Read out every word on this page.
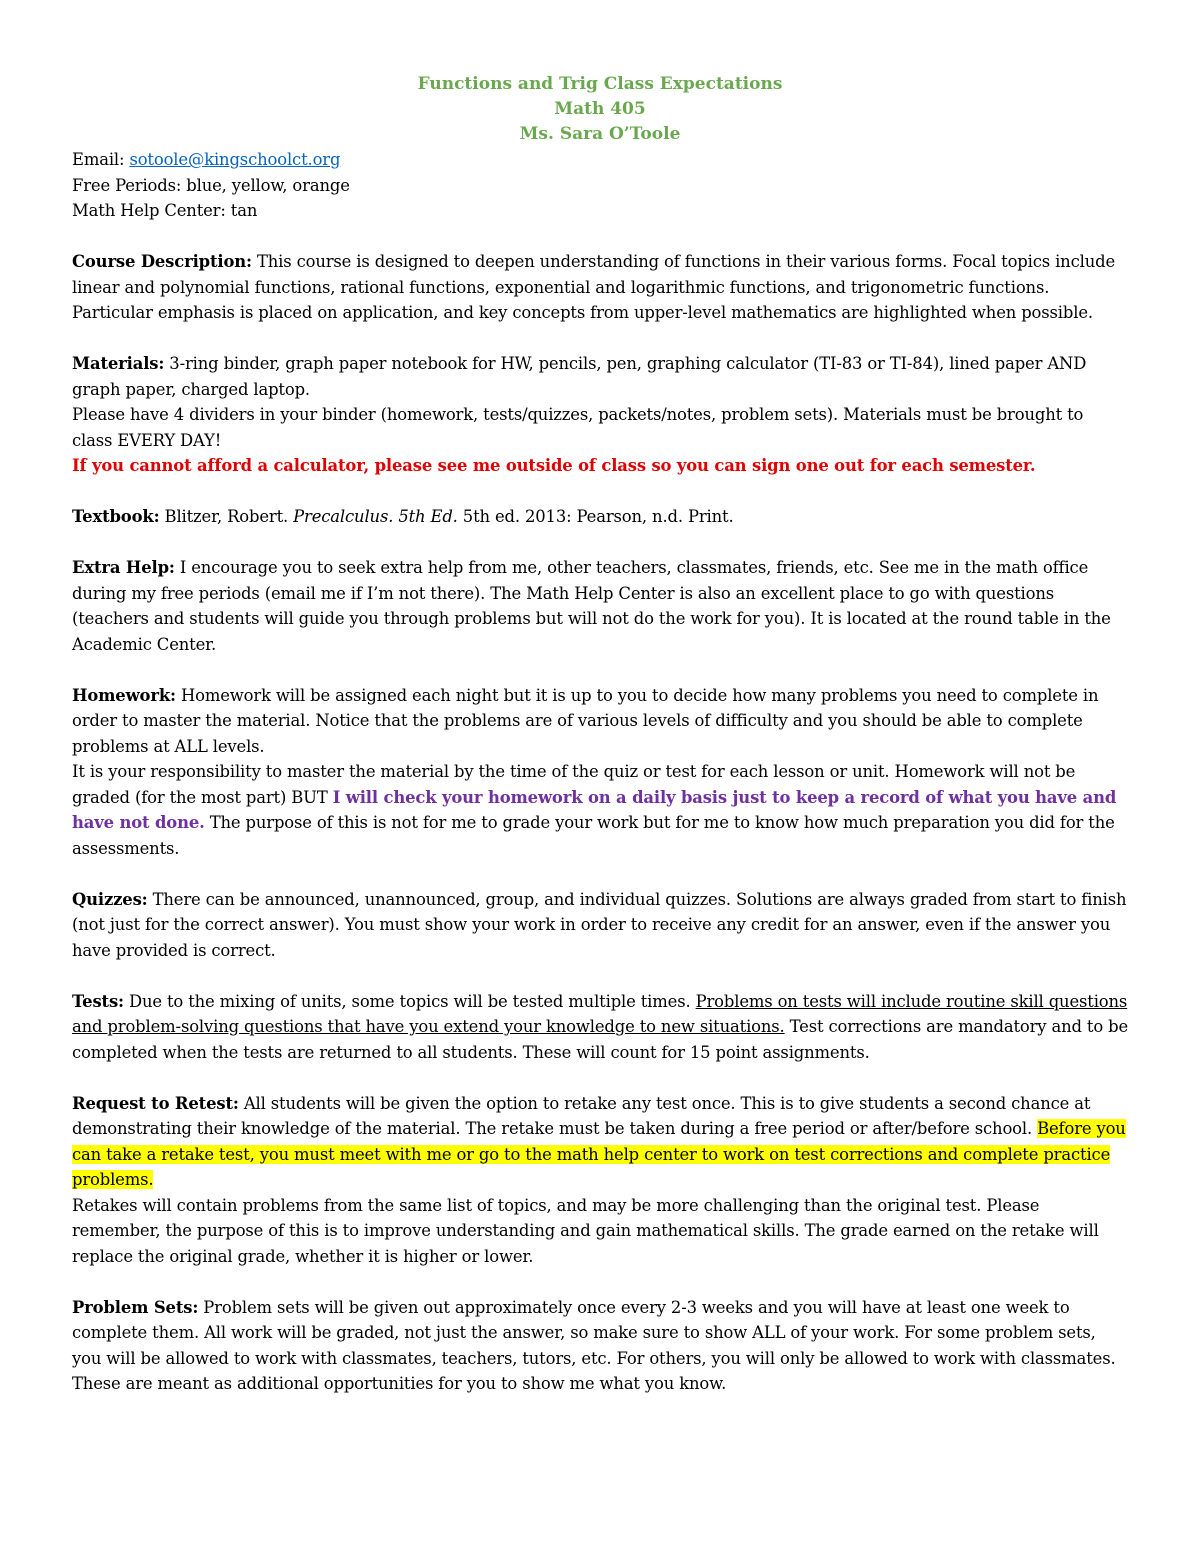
Functions and Trig Class Expectations
Math 405
Ms. Sara O’Toole

Email: sotoole@kingschoolct.org
Free Periods: blue, yellow, orange
Math Help Center: tan

Course Description: This course is designed to deepen understanding of functions in their various forms. Focal topics include linear and polynomial functions, rational functions, exponential and logarithmic functions, and trigonometric functions. Particular emphasis is placed on application, and key concepts from upper-level mathematics are highlighted when possible.

Materials: 3-ring binder, graph paper notebook for HW, pencils, pen, graphing calculator (TI-83 or TI-84), lined paper AND graph paper, charged laptop.
Please have 4 dividers in your binder (homework, tests/quizzes, packets/notes, problem sets). Materials must be brought to class EVERY DAY!
If you cannot afford a calculator, please see me outside of class so you can sign one out for each semester.

Textbook: Blitzer, Robert. Precalculus. 5th Ed. 5th ed. 2013: Pearson, n.d. Print.

Extra Help: I encourage you to seek extra help from me, other teachers, classmates, friends, etc. See me in the math office during my free periods (email me if I’m not there). The Math Help Center is also an excellent place to go with questions (teachers and students will guide you through problems but will not do the work for you). It is located at the round table in the Academic Center.

Homework: Homework will be assigned each night but it is up to you to decide how many problems you need to complete in order to master the material. Notice that the problems are of various levels of difficulty and you should be able to complete problems at ALL levels.
It is your responsibility to master the material by the time of the quiz or test for each lesson or unit. Homework will not be graded (for the most part) BUT I will check your homework on a daily basis just to keep a record of what you have and have not done. The purpose of this is not for me to grade your work but for me to know how much preparation you did for the assessments.

Quizzes: There can be announced, unannounced, group, and individual quizzes. Solutions are always graded from start to finish (not just for the correct answer). You must show your work in order to receive any credit for an answer, even if the answer you have provided is correct.

Tests: Due to the mixing of units, some topics will be tested multiple times. Problems on tests will include routine skill questions and problem-solving questions that have you extend your knowledge to new situations. Test corrections are mandatory and to be completed when the tests are returned to all students. These will count for 15 point assignments.

Request to Retest: All students will be given the option to retake any test once. This is to give students a second chance at demonstrating their knowledge of the material. The retake must be taken during a free period or after/before school. Before you can take a retake test, you must meet with me or go to the math help center to work on test corrections and complete practice problems.
Retakes will contain problems from the same list of topics, and may be more challenging than the original test. Please remember, the purpose of this is to improve understanding and gain mathematical skills. The grade earned on the retake will replace the original grade, whether it is higher or lower.

Problem Sets: Problem sets will be given out approximately once every 2-3 weeks and you will have at least one week to complete them. All work will be graded, not just the answer, so make sure to show ALL of your work. For some problem sets, you will be allowed to work with classmates, teachers, tutors, etc. For others, you will only be allowed to work with classmates. These are meant as additional opportunities for you to show me what you know.
